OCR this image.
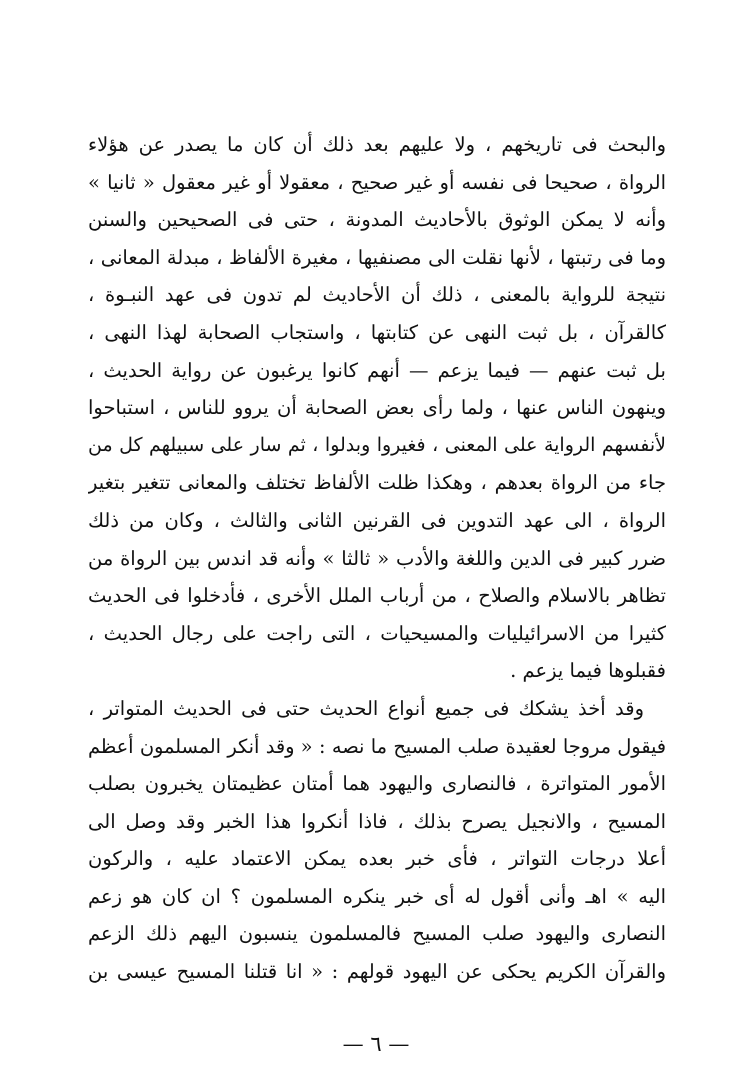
والبحث فى تاريخهم ، ولا عليهم بعد ذلك أن كان ما يصدر عن هؤلاء
الرواة ، صحيحا فى نفسه أو غير صحيح ، معقولا أو غير معقول « ثانيا »
وأنه لا يمكن الوثوق بالأحاديث المدونة ، حتى فى الصحيحين والسنن
وما فى رتبتها ، لأنها نقلت الى مصنفيها ، مغيرة الألفاظ ، مبدلة المعانى ،
نتيجة للرواية بالمعنى ، ذلك أن الأحاديث لم تدون فى عهد النبـوة ،
كالقرآن ، بل ثبت النهى عن كتابتها ، واستجاب الصحابة لهذا النهى ،
بل ثبت عنهم — فيما يزعم — أنهم كانوا يرغبون عن رواية الحديث ،
وينهون الناس عنها ، ولما رأى بعض الصحابة أن يروو للناس ، استباحوا
لأنفسهم الرواية على المعنى ، فغيروا وبدلوا ، ثم سار على سبيلهم كل من
جاء من الرواة بعدهم ، وهكذا ظلت الألفاظ تختلف والمعانى تتغير بتغير
الرواة ، الى عهد التدوين فى القرنين الثانى والثالث ، وكان من ذلك
ضرر كبير فى الدين واللغة والأدب « ثالثا » وأنه قد اندس بين الرواة من
تظاهر بالاسلام والصلاح ، من أرباب الملل الأخرى ، فأدخلوا فى الحديث
كثيرا من الاسرائيليات والمسيحيات ، التى راجت على رجال الحديث ،
فقبلوها فيما يزعم .
وقد أخذ يشكك فى جميع أنواع الحديث حتى فى الحديث المتواتر ،
فيقول مروجا لعقيدة صلب المسيح ما نصه : « وقد أنكر المسلمون أعظم
الأمور المتواترة ، فالنصارى واليهود هما أمتان عظيمتان يخبرون بصلب
المسيح ، والانجيل يصرح بذلك ، فاذا أنكروا هذا الخبر وقد وصل الى
أعلا درجات التواتر ، فأى خبر بعده يمكن الاعتماد عليه ، والركون
اليه » اهـ وأنى أقول له أى خبر ينكره المسلمون ؟ ان كان هو زعم
النصارى واليهود صلب المسيح فالمسلمون ينسبون اليهم ذلك الزعم
والقرآن الكريم يحكى عن اليهود قولهم : « انا قتلنا المسيح عيسى بن
— ٦ —
